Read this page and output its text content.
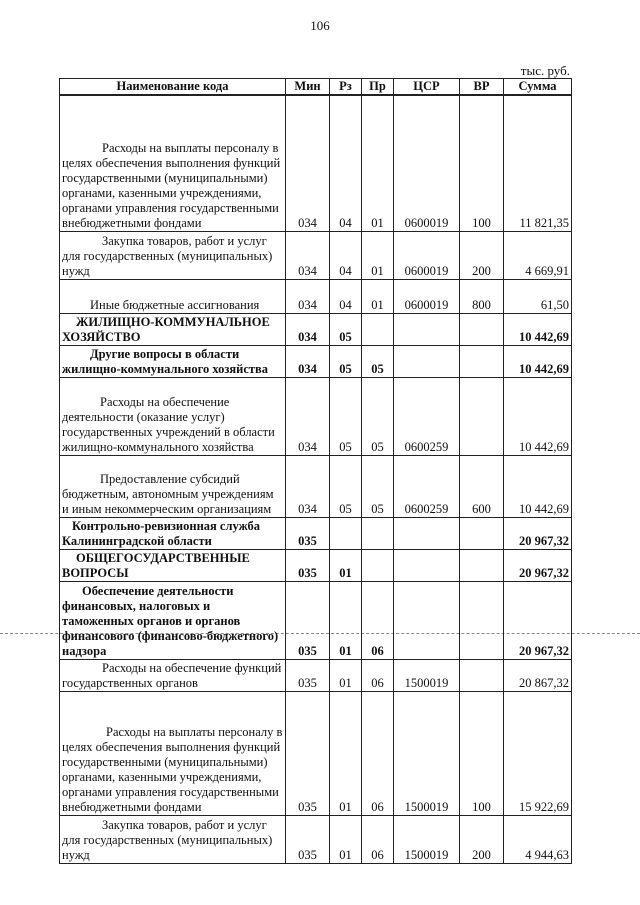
106
тыс. руб.
Наименование кода	Мин	Рз	Пр	ЦСР	ВР	Сумма
Расходы на выплаты персоналу в целях обеспечения выполнения функций государственными (муниципальными) органами, казенными учреждениями, органами управления государственными внебюджетными фондами	034	04	01	0600019	100	11 821,35
Закупка товаров, работ и услуг для государственных (муниципальных) нужд	034	04	01	0600019	200	4 669,91
Иные бюджетные ассигнования	034	04	01	0600019	800	61,50
ЖИЛИЩНО-КОММУНАЛЬНОЕ ХОЗЯЙСТВО	034	05				10 442,69
Другие вопросы в области жилищно-коммунального хозяйства	034	05	05			10 442,69
Расходы на обеспечение деятельности (оказание услуг) государственных учреждений в области жилищно-коммунального хозяйства	034	05	05	0600259		10 442,69
Предоставление субсидий бюджетным, автономным учреждениям и иным некоммерческим организациям	034	05	05	0600259	600	10 442,69
Контрольно-ревизионная служба Калининградской области	035					20 967,32
ОБЩЕГОСУДАРСТВЕННЫЕ ВОПРОСЫ	035	01				20 967,32
Обеспечение деятельности финансовых, налоговых и таможенных органов и органов финансового (финансово-бюджетного) надзора	035	01	06			20 967,32
Расходы на обеспечение функций государственных органов	035	01	06	1500019		20 867,32
Расходы на выплаты персоналу в целях обеспечения выполнения функций государственными (муниципальными) органами, казенными учреждениями, органами управления государственными внебюджетными фондами	035	01	06	1500019	100	15 922,69
Закупка товаров, работ и услуг для государственных (муниципальных) нужд	035	01	06	1500019	200	4 944,63
